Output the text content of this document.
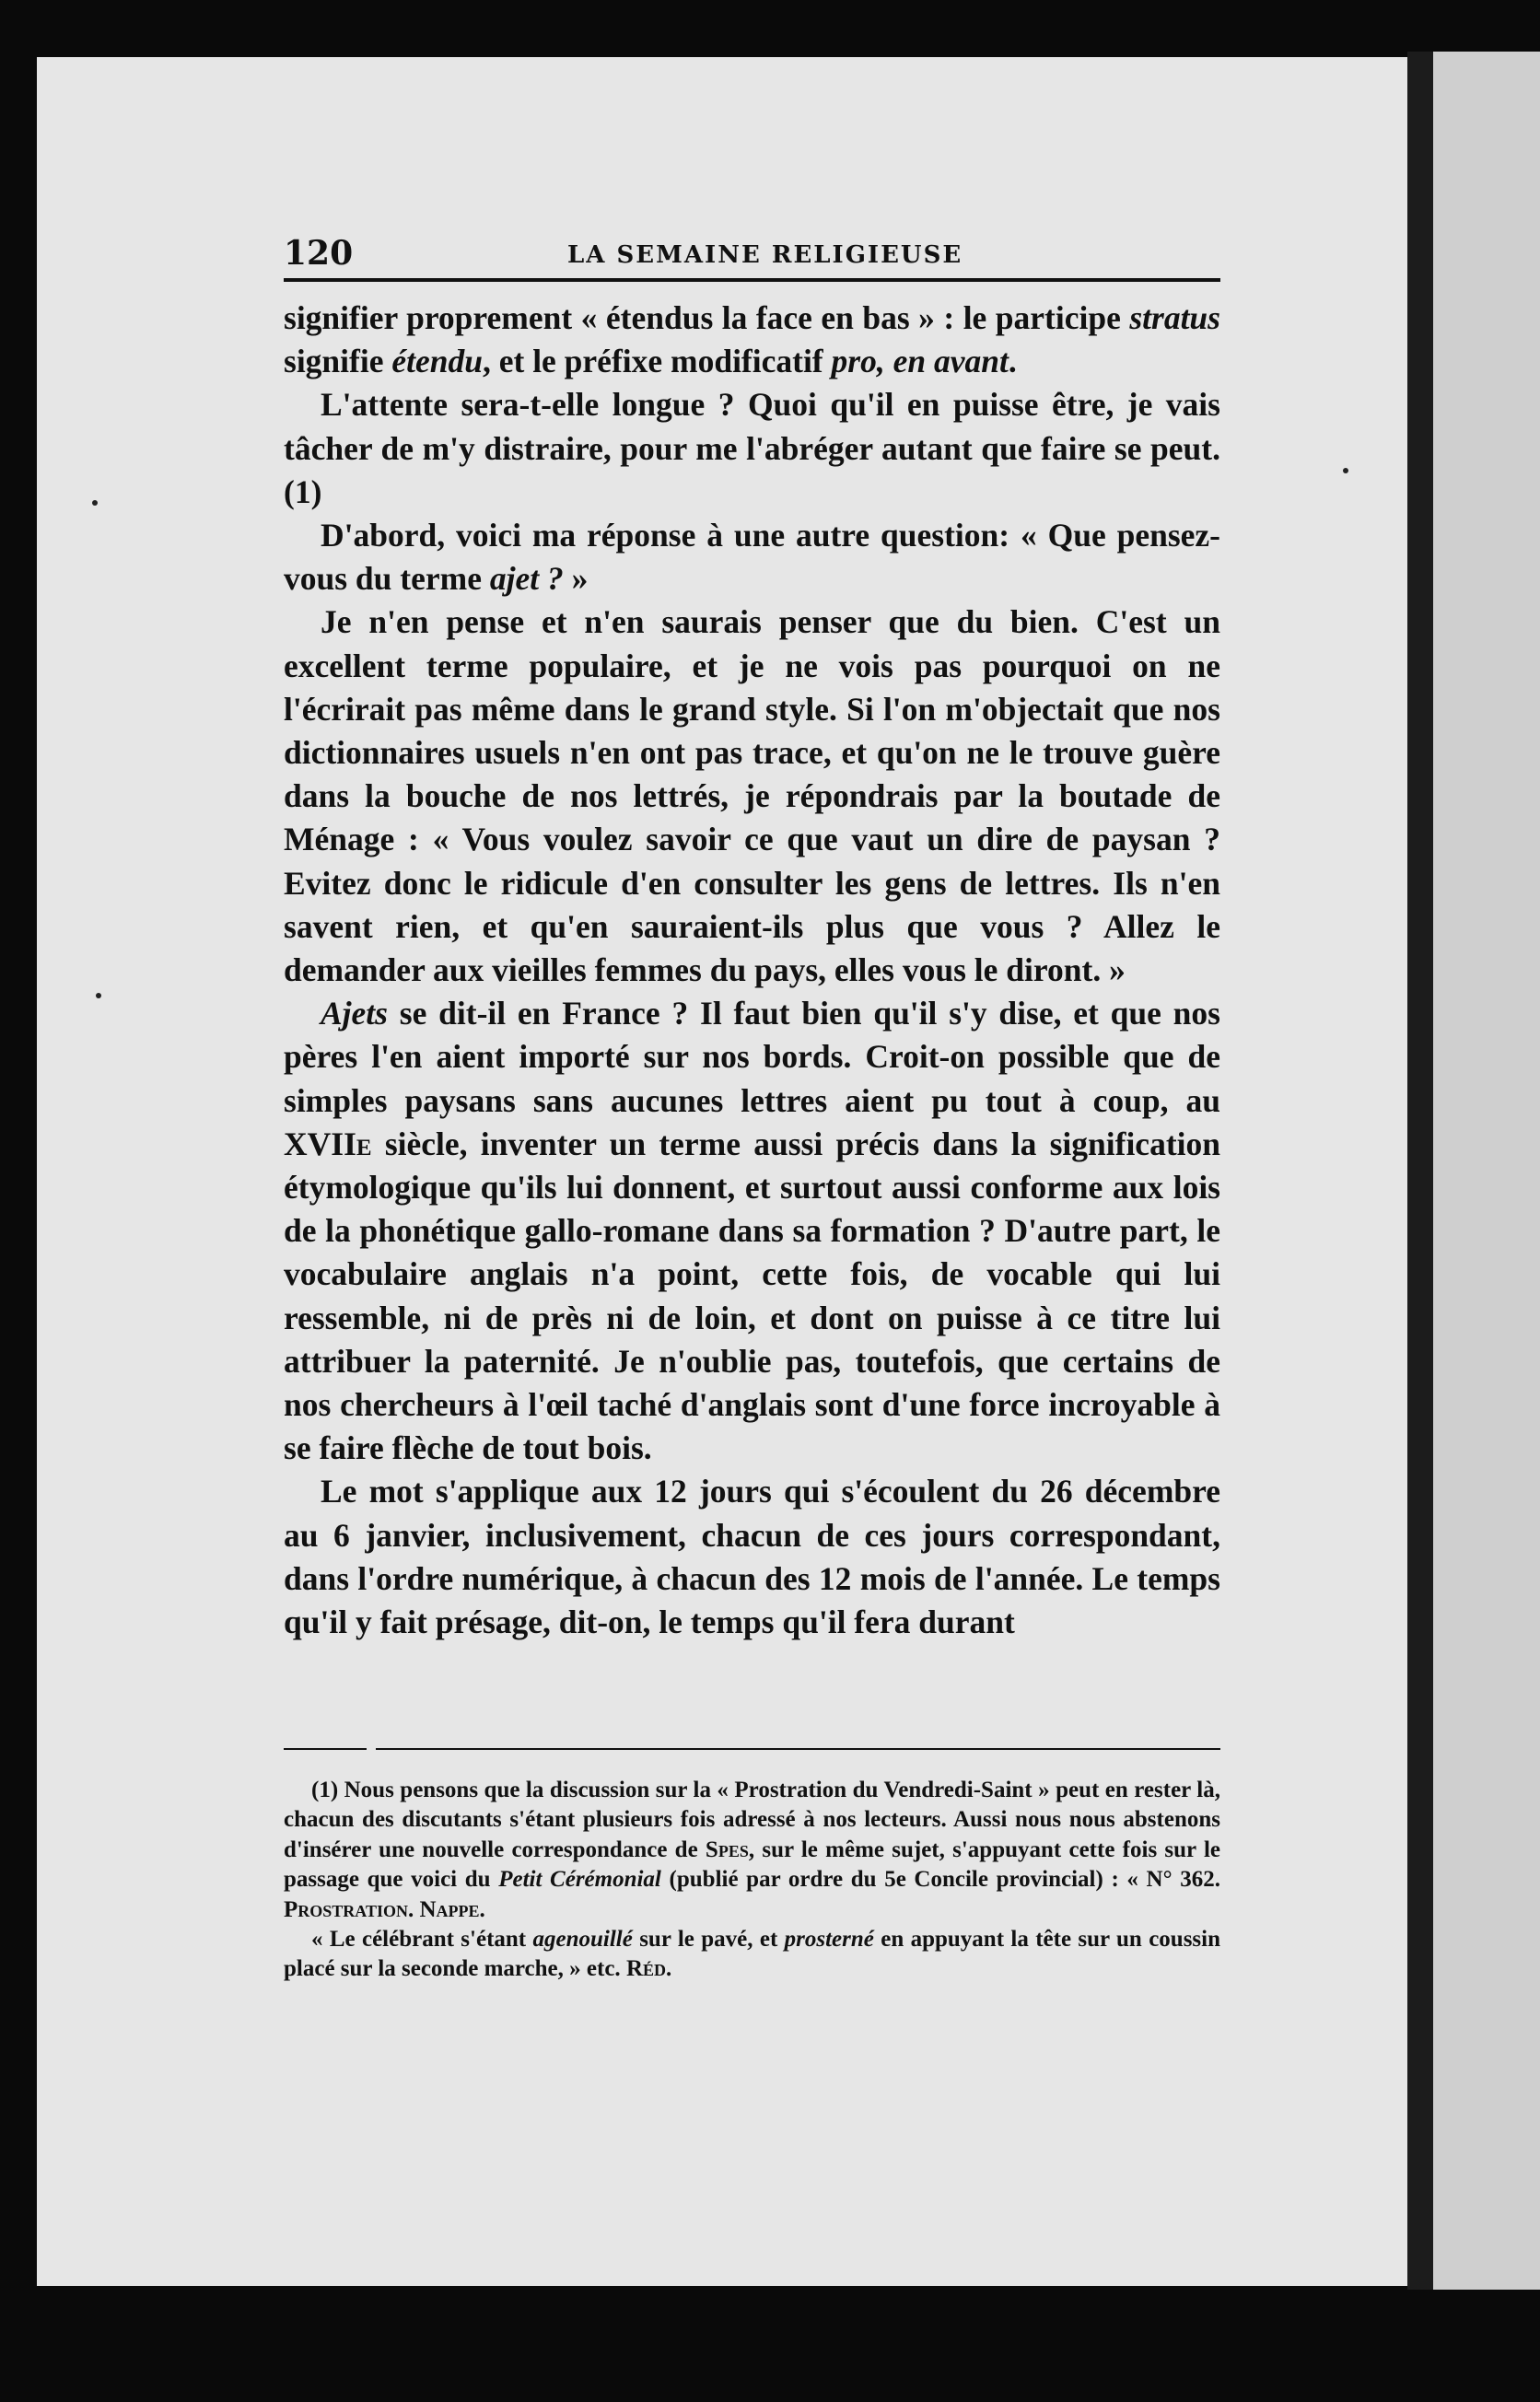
120	LA SEMAINE RELIGIEUSE

signifier proprement « étendus la face en bas » : le participe stratus signifie étendu, et le préfixe modificatif pro, en avant.

L'attente sera-t-elle longue ? Quoi qu'il en puisse être, je vais tâcher de m'y distraire, pour me l'abréger autant que faire se peut. (1)

D'abord, voici ma réponse à une autre question: « Que pensez-vous du terme ajet ? »

Je n'en pense et n'en saurais penser que du bien. C'est un excellent terme populaire, et je ne vois pas pourquoi on ne l'écrirait pas même dans le grand style. Si l'on m'objectait que nos dictionnaires usuels n'en ont pas trace, et qu'on ne le trouve guère dans la bouche de nos lettrés, je répondrais par la boutade de Ménage : « Vous voulez savoir ce que vaut un dire de paysan ? Evitez donc le ridicule d'en consulter les gens de lettres. Ils n'en savent rien, et qu'en sauraient-ils plus que vous ? Allez le demander aux vieilles femmes du pays, elles vous le diront. »

Ajets se dit-il en France ? Il faut bien qu'il s'y dise, et que nos pères l'en aient importé sur nos bords. Croit-on possible que de simples paysans sans aucunes lettres aient pu tout à coup, au XVIIe siècle, inventer un terme aussi précis dans la signification étymologique qu'ils lui donnent, et surtout aussi conforme aux lois de la phonétique gallo-romane dans sa formation ? D'autre part, le vocabulaire anglais n'a point, cette fois, de vocable qui lui ressemble, ni de près ni de loin, et dont on puisse à ce titre lui attribuer la paternité. Je n'oublie pas, toutefois, que certains de nos chercheurs à l'œil taché d'anglais sont d'une force incroyable à se faire flèche de tout bois.

Le mot s'applique aux 12 jours qui s'écoulent du 26 décembre au 6 janvier, inclusivement, chacun de ces jours correspondant, dans l'ordre numérique, à chacun des 12 mois de l'année. Le temps qu'il y fait présage, dit-on, le temps qu'il fera durant

(1) Nous pensons que la discussion sur la « Prostration du Vendredi-Saint » peut en rester là, chacun des discutants s'étant plusieurs fois adressé à nos lecteurs. Aussi nous nous abstenons d'insérer une nouvelle correspondance de Spes, sur le même sujet, s'appuyant cette fois sur le passage que voici du Petit Cérémonial (publié par ordre du 5e Concile provincial) : « N° 362. Prostration. Nappe.

« Le célébrant s'étant agenouillé sur le pavé, et prosterné en appuyant la tête sur un coussin placé sur la seconde marche, » etc. Réd.
